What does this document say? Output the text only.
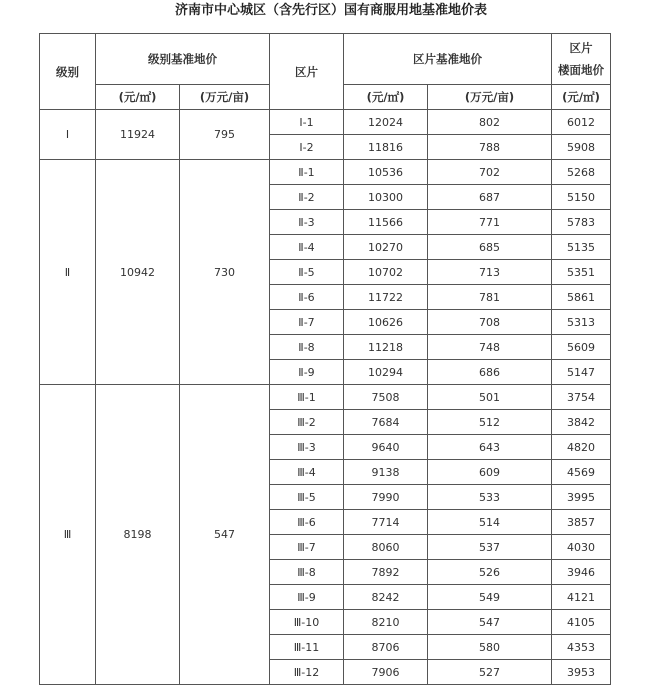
济南市中心城区（含先行区）国有商服用地基准地价表
级别	级别基准地价		区片	区片基准地价		区片
楼面地价

	(元/㎡)	(万元/亩)		(元/㎡)	(万元/亩)	(元/㎡)
Ⅰ	11924	795	Ⅰ-1	12024	802	6012
			Ⅰ-2	11816	788	5908
Ⅱ	10942	730	Ⅱ-1	10536	702	5268
			Ⅱ-2	10300	687	5150
			Ⅱ-3	11566	771	5783
			Ⅱ-4	10270	685	5135
			Ⅱ-5	10702	713	5351
			Ⅱ-6	11722	781	5861
			Ⅱ-7	10626	708	5313
			Ⅱ-8	11218	748	5609
			Ⅱ-9	10294	686	5147
Ⅲ	8198	547	Ⅲ-1	7508	501	3754
			Ⅲ-2	7684	512	3842
			Ⅲ-3	9640	643	4820
			Ⅲ-4	9138	609	4569
			Ⅲ-5	7990	533	3995
			Ⅲ-6	7714	514	3857
			Ⅲ-7	8060	537	4030
			Ⅲ-8	7892	526	3946
			Ⅲ-9	8242	549	4121
			Ⅲ-10	8210	547	4105
			Ⅲ-11	8706	580	4353
			Ⅲ-12	7906	527	3953
